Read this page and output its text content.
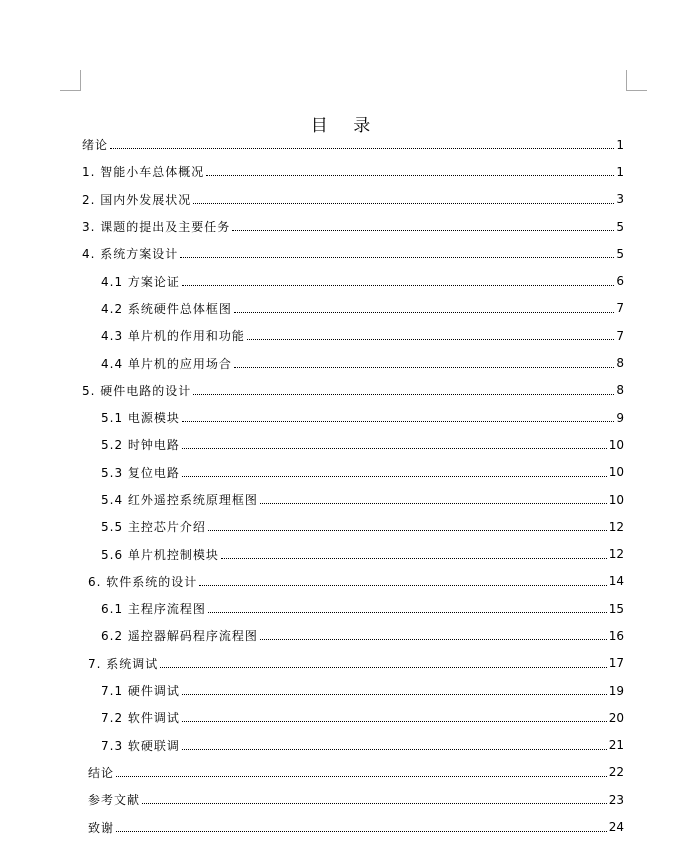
目 录
绪论	1
1. 智能小车总体概况	1
2. 国内外发展状况	3
3. 课题的提出及主要任务	5
4. 系统方案设计	5
4.1 方案论证	6
4.2 系统硬件总体框图	7
4.3 单片机的作用和功能	7
4.4 单片机的应用场合	8
5. 硬件电路的设计	8
5.1 电源模块	9
5.2 时钟电路	10
5.3 复位电路	10
5.4 红外遥控系统原理框图	10
5.5 主控芯片介绍	12
5.6 单片机控制模块	12
6. 软件系统的设计	14
6.1 主程序流程图	15
6.2 遥控器解码程序流程图	16
7. 系统调试	17
7.1 硬件调试	19
7.2 软件调试	20
7.3 软硬联调	21
结论	22
参考文献	23
致谢	24
